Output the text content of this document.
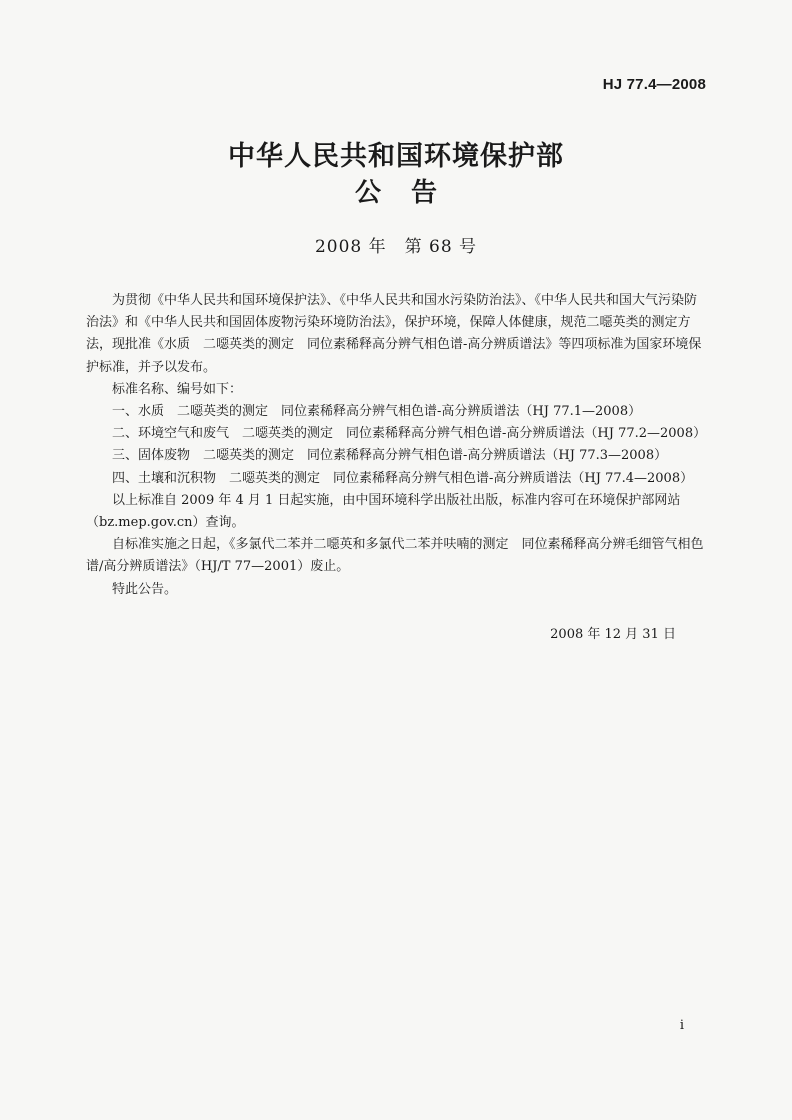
HJ 77.4—2008
中华人民共和国环境保护部
公告
2008 年　第 68 号

为贯彻《中华人民共和国环境保护法》、《中华人民共和国水污染防治法》、《中华人民共和国大气污染防治法》和《中华人民共和国固体废物污染环境防治法》，保护环境，保障人体健康，规范二噁英类的测定方法，现批准《水质　二噁英类的测定　同位素稀释高分辨气相色谱-高分辨质谱法》等四项标准为国家环境保护标准，并予以发布。

标准名称、编号如下：

一、水质　二噁英类的测定　同位素稀释高分辨气相色谱-高分辨质谱法（HJ 77.1—2008）

二、环境空气和废气　二噁英类的测定　同位素稀释高分辨气相色谱-高分辨质谱法（HJ 77.2—2008）

三、固体废物　二噁英类的测定　同位素稀释高分辨气相色谱-高分辨质谱法（HJ 77.3—2008）

四、土壤和沉积物　二噁英类的测定　同位素稀释高分辨气相色谱-高分辨质谱法（HJ 77.4—2008）

以上标准自 2009 年 4 月 1 日起实施，由中国环境科学出版社出版，标准内容可在环境保护部网站（bz.mep.gov.cn）查询。

自标准实施之日起，《多氯代二苯并二噁英和多氯代二苯并呋喃的测定　同位素稀释高分辨毛细管气相色谱/高分辨质谱法》（HJ/T 77—2001）废止。

特此公告。

2008 年 12 月 31 日
i
